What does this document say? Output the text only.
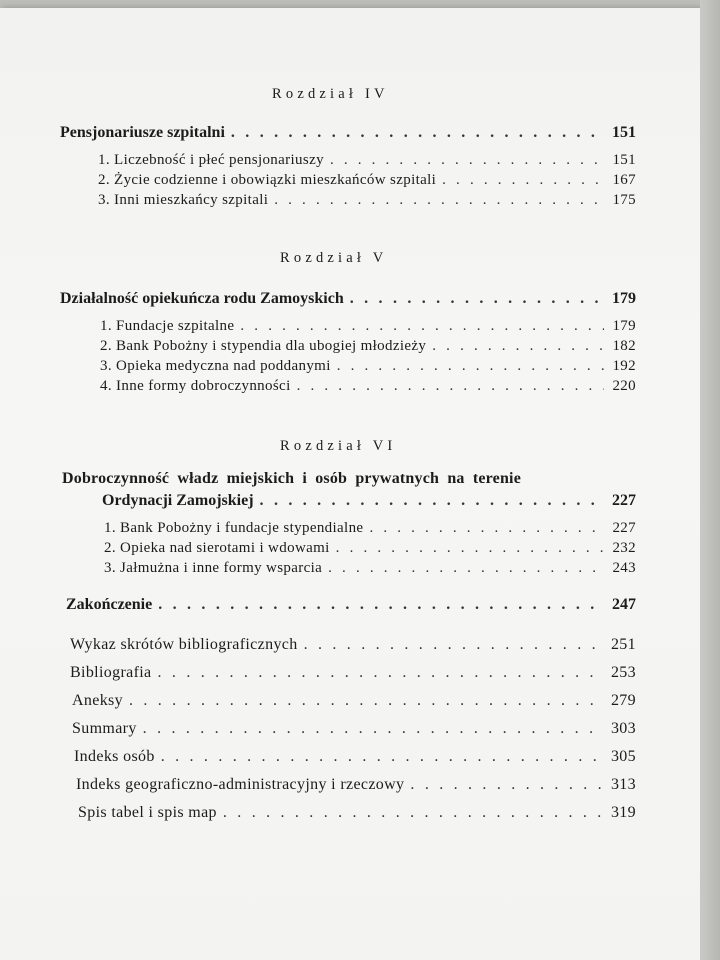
Rozdział IV
Pensjonariusze szpitalni . . .	151
1. Liczebność i płeć pensjonariuszy . . .	151
2. Życie codzienne i obowiązki mieszkańców szpitali . . .	167
3. Inni mieszkańcy szpitali . . .	175
Rozdział V
Działalność opiekuńcza rodu Zamoyskich . . .	179
1. Fundacje szpitalne . . .	179
2. Bank Pobożny i stypendia dla ubogiej młodzieży . . .	182
3. Opieka medyczna nad poddanymi . . .	192
4. Inne formy dobroczynności . . .	220
Rozdział VI
Dobroczynność władz miejskich i osób prywatnych na terenie
Ordynacji Zamojskiej . . .	227
1. Bank Pobożny i fundacje stypendialne . . .	227
2. Opieka nad sierotami i wdowami . . .	232
3. Jałmużna i inne formy wsparcia . . .	243
Zakończenie . . .	247
Wykaz skrótów bibliograficznych . . .	251
Bibliografia . . .	253
Aneksy . . .	279
Summary . . .	303
Indeks osób . . .	305
Indeks geograficzno-administracyjny i rzeczowy . . .	313
Spis tabel i spis map . . .	319
